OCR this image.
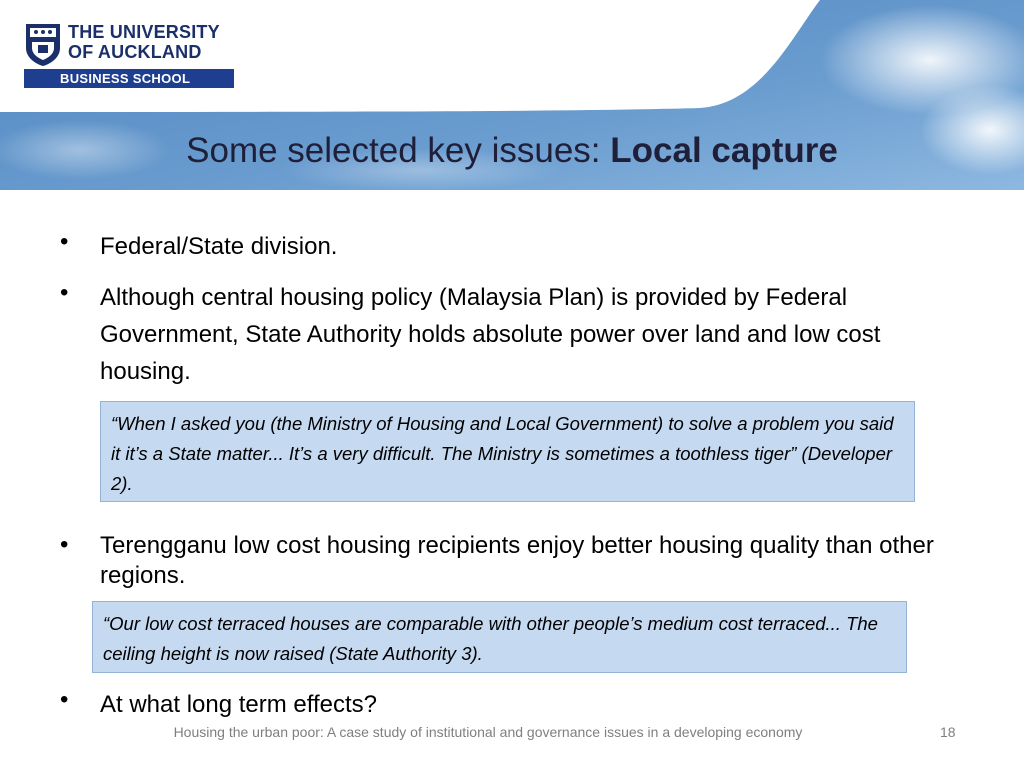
THE UNIVERSITY
OF AUCKLAND
BUSINESS SCHOOL
Some selected key issues: Local capture
• Federal/State division.
• Although central housing policy (Malaysia Plan) is provided by Federal Government, State Authority holds absolute power over land and low cost housing.
“When I asked you (the Ministry of Housing and Local Government) to solve a problem you said it it’s a State matter... It’s a very difficult. The Ministry is sometimes a toothless tiger” (Developer 2).
• Terengganu low cost housing recipients enjoy better housing quality than other regions.
“Our low cost terraced houses are comparable with other people’s medium cost terraced... The ceiling height is now raised (State Authority 3).
• At what long term effects?
Housing the urban poor: A case study of institutional and governance issues in a developing economy	18
